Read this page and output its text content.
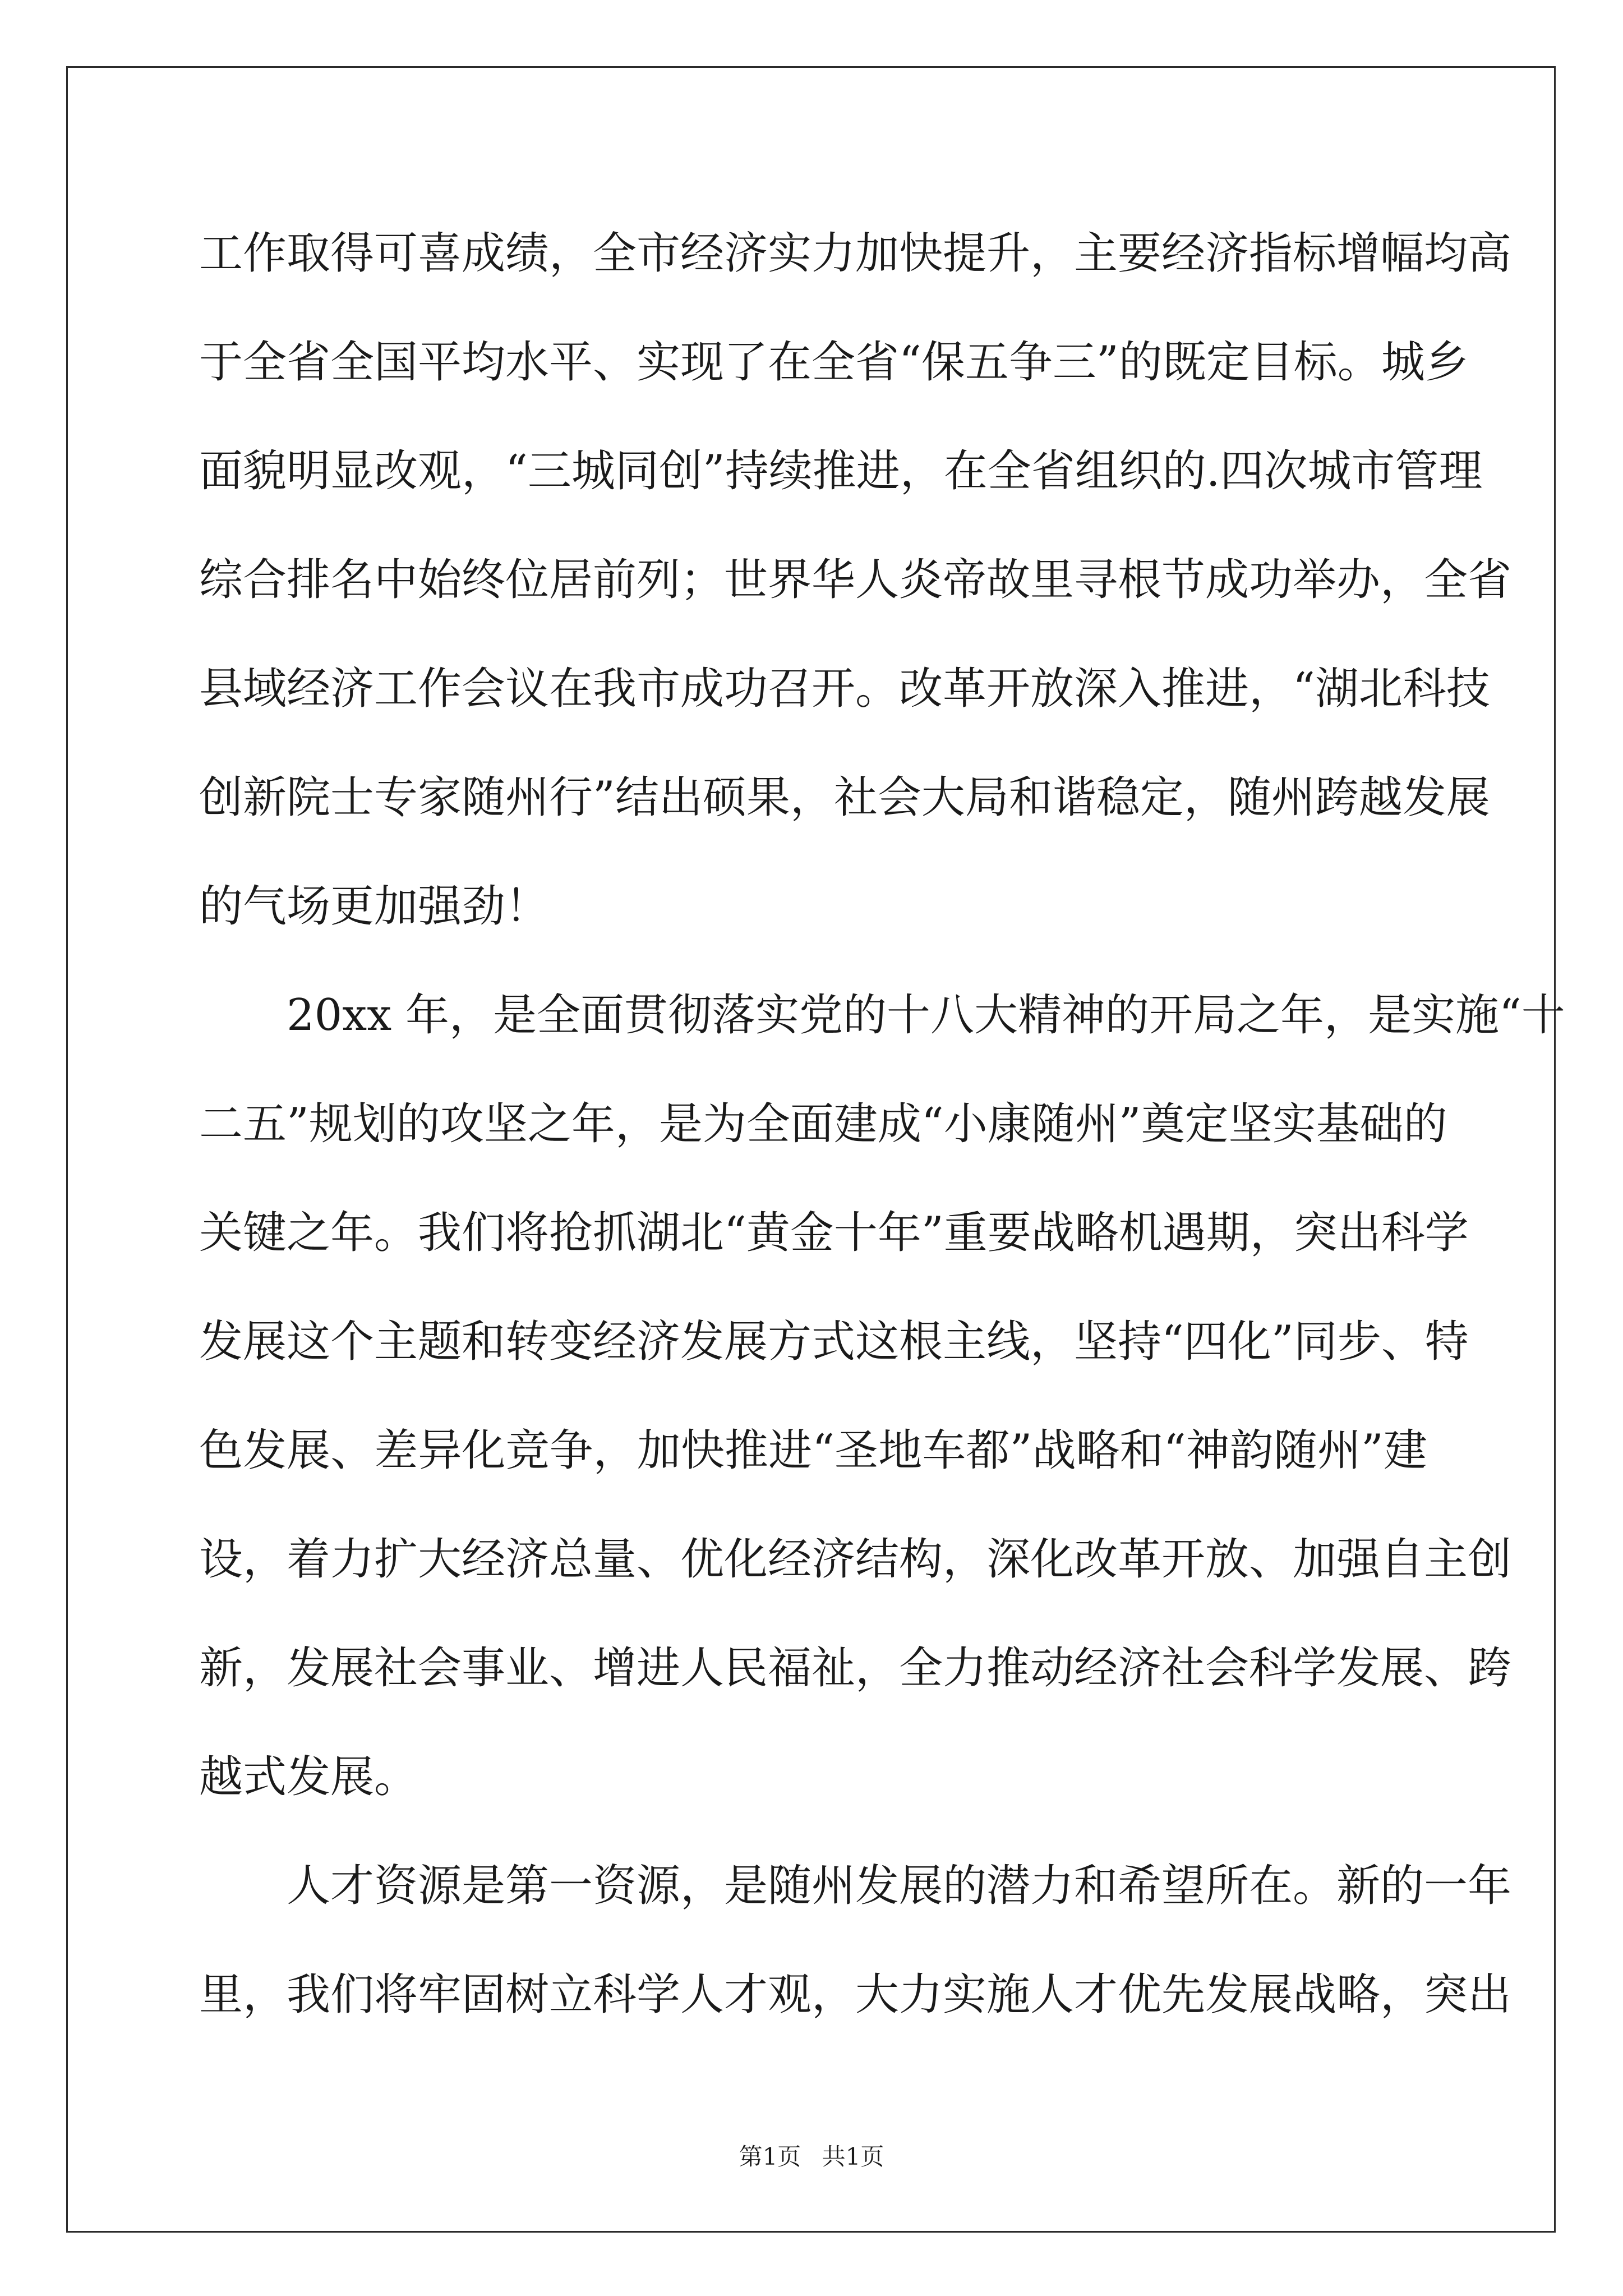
工作取得可喜成绩，全市经济实力加快提升，主要经济指标增幅均高
于全省全国平均水平、实现了在全省“保五争三”的既定目标。城乡
面貌明显改观，“三城同创”持续推进，在全省组织的.四次城市管理
综合排名中始终位居前列；世界华人炎帝故里寻根节成功举办，全省
县域经济工作会议在我市成功召开。改革开放深入推进，“湖北科技
创新院士专家随州行”结出硕果，社会大局和谐稳定，随州跨越发展
的气场更加强劲！
20xx 年，是全面贯彻落实党的十八大精神的开局之年，是实施“十
二五”规划的攻坚之年，是为全面建成“小康随州”奠定坚实基础的
关键之年。我们将抢抓湖北“黄金十年”重要战略机遇期，突出科学
发展这个主题和转变经济发展方式这根主线，坚持“四化”同步、特
色发展、差异化竞争，加快推进“圣地车都”战略和“神韵随州”建
设，着力扩大经济总量、优化经济结构，深化改革开放、加强自主创
新，发展社会事业、增进人民福祉，全力推动经济社会科学发展、跨
越式发展。
人才资源是第一资源，是随州发展的潜力和希望所在。新的一年
里，我们将牢固树立科学人才观，大力实施人才优先发展战略，突出
第1页 共1页
